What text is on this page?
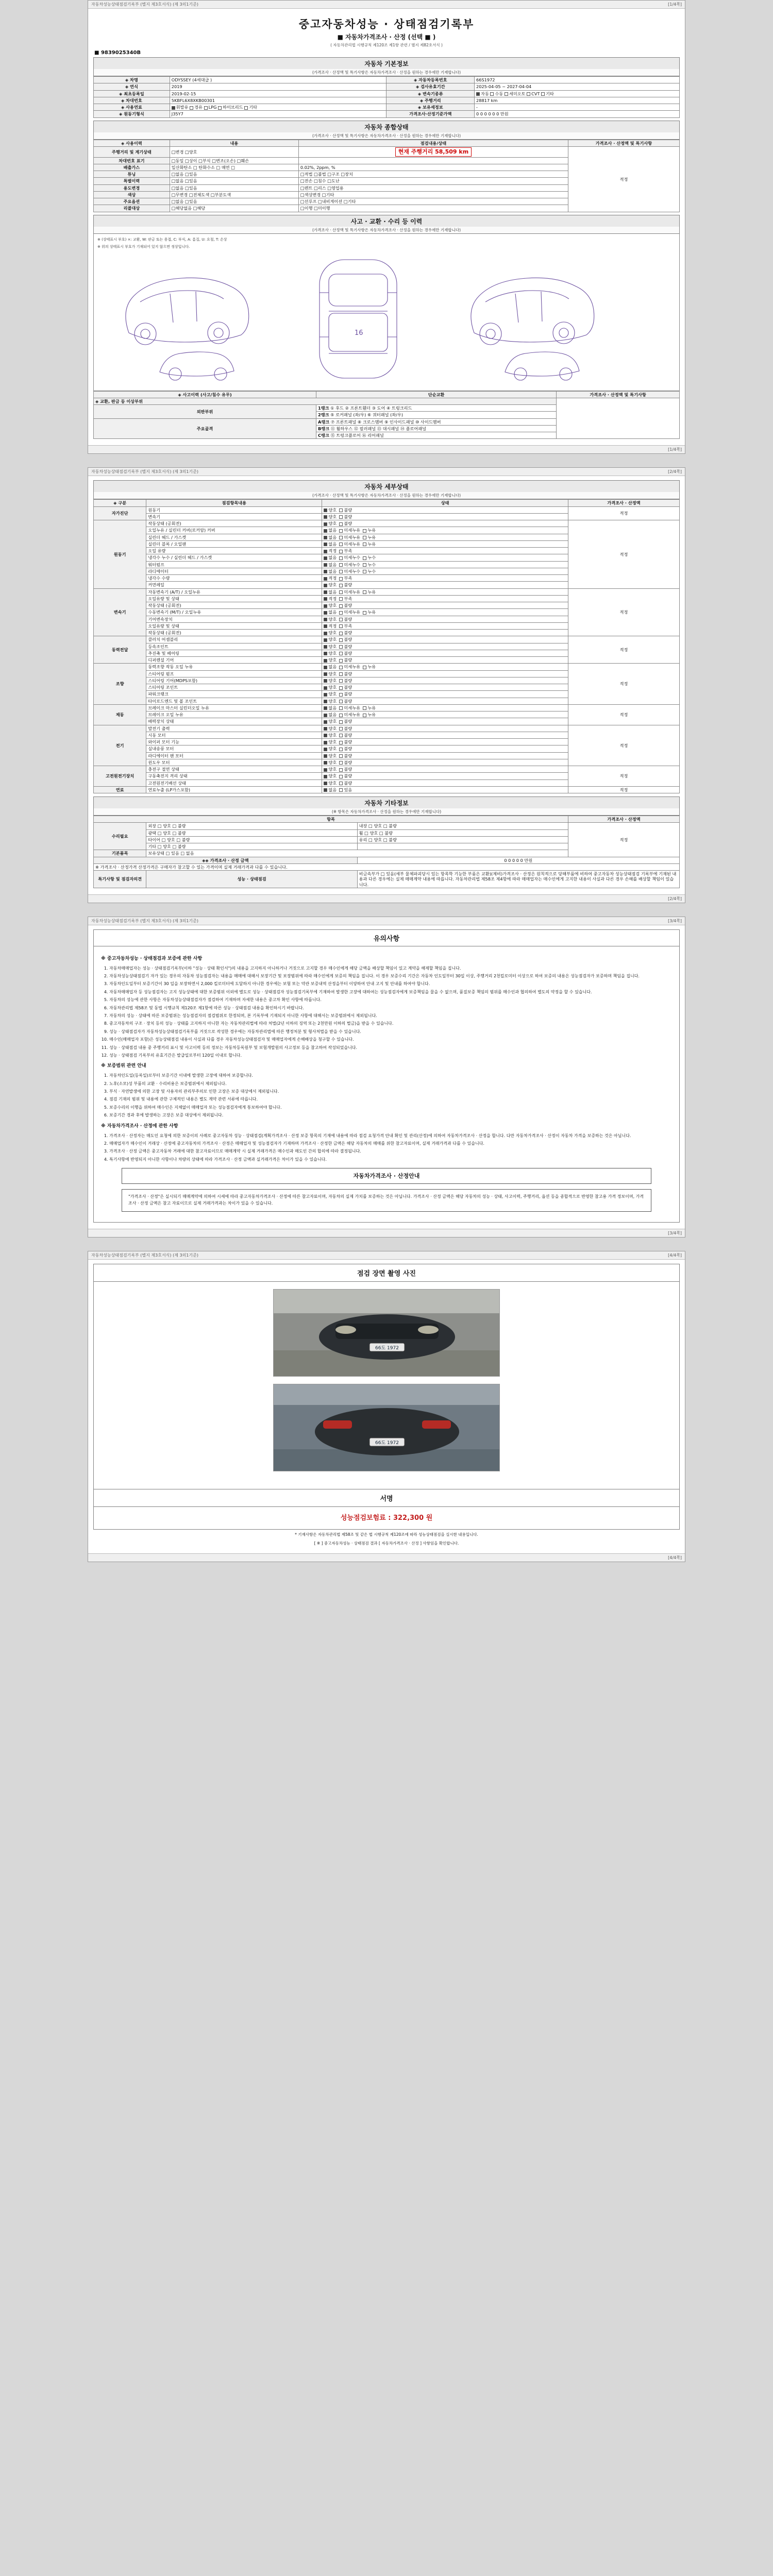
자동차성능상태점검기록부 (별지 제3호서식) (제 3의1기준)	[1/4쪽]
중고자동차성능 · 상태점검기록부
■ 자동차가격조사 · 산정 (선택 ■ )
( 자동차관리법 시행규칙 제120조 제1항 관련 / 별지 제82호서식 )
■ 9839025340B
자동차 기본정보
(가격조사 · 산정액 및 특기사항은 자동차가격조사 · 산정을 원하는 경우에만 기재합니다)
◈ 차명	ODYSSEY (4세대급 )	◈ 자동차등록번호	66S1972
◈ 연식	2019	◈ 검사유효기간	2025-04-05 ~ 2027-04-04
◈ 최초등록일	2019-02-15	◈ 변속기종류	자동 수동 세미오토 CVT 기타
◈ 차대번호	5KBFL6X8XKB00301	◈ 주행거리	28817 km
◈ 사용연료	휘발유 경유 LPG 하이브리드 기타	◈ 보유세정보	-
◈ 원동기형식	J35Y7	가격조사·산정기준가액	0 0 0 0 0 0 만원
자동차 종합상태
(가격조사 · 산정액 및 특기사항은 자동차가격조사 · 산정을 원하는 경우에만 기재합니다)
◈ 사용이력	내용	점검내용/상태	가격조사 · 산정액 및 특기사항
주행거리 및 계기상태	□변경 □양호	현재 주행거리 58,509 km	적정
차대번호 표기	□동일 □상이 □부식 □변조(오손) □훼손		
배출가스	일산화탄소 □ 탄화수소 □ 매연 □	0.02%, 2ppm, %	
튜닝	□없음 □있음	□적법 □불법 □구조 □장치	
특별이력	□없음 □있음	□전손 □침수 □도난	
용도변경	□없음 □있음	□렌트 □리스 □영업용	
색상	□무변경 □전체도색 □부분도색	□색상변경 □기타	
주요옵션	□없음 □있음	□선루프 □내비게이션 □기타	
리콜대상	□해당없음 □해당	□이행 □미이행	
사고 · 교환 · 수리 등 이력
(가격조사 · 산정액 및 특기사항은 자동차가격조사 · 산정을 원하는 경우에만 기재합니다)
※ (상태표시 부호) ×: 교환, W: 판금 또는 용접, C: 부식, A: 흠집, U: 요철, T: 손상
※ 위의 상태표시 부호가 기재되어 있지 않으면 정상입니다.
16
◈ 사고이력 (사고/침수 유무)	단순교환	가격조사 · 산정액 및 특기사항
◈ 교환, 판금 등 이상부위		
외판부위	1랭크 ① 후드 ② 프론트휀더 ③ 도어 ④ 트렁크리드	
	2랭크 ⑤ 로커패널 (좌/우) ⑥ 쿼터패널 (좌/우)	
주요골격	A랭크 ⑦ 프론트패널 ⑧ 크로스멤버 ⑨ 인사이드패널 ⑩ 사이드멤버	
	B랭크 ⑪ 휠하우스 ⑫ 필러패널 ⑬ 대시패널 ⑭ 플로어패널	
	C랭크 ⑮ 트렁크플로어 ⑯ 리어패널	
[1/4쪽]
자동차성능상태점검기록부 (별지 제3호서식) (제 3의1기준)	[2/4쪽]
자동차 세부상태
(가격조사 · 산정액 및 특기사항은 자동차가격조사 · 산정을 원하는 경우에만 기재합니다)
◈ 구분	점검항목내용	상태	가격조사 · 산정액
자가진단	원동기	양호  불량	적정
	변속기	양호  불량	
원동기	작동상태 (공회전)	양호  불량	적정
	오일누유 / 실린더 커버(로커암) 커버	없음  미세누유  누유	
	실린더 헤드 / 가스켓	없음  미세누유  누유	
	실린더 블록 / 오일팬	없음  미세누유  누유	
	오일 유량	적정  부족	
	냉각수 누수 / 실린더 헤드 / 가스켓	없음  미세누수  누수	
	워터펌프	없음  미세누수  누수	
	라디에이터	없음  미세누수  누수	
	냉각수 수량	적정  부족	
	커먼레일	양호  불량	
변속기	자동변속기 (A/T) / 오일누유	없음  미세누유  누유	적정
	오일유량 및 상태	적정  부족	
	작동상태 (공회전)	양호  불량	
	수동변속기 (M/T) / 오일누유	없음  미세누유  누유	
	기어변속장치	양호  불량	
	오일유량 및 상태	적정  부족	
	작동상태 (공회전)	양호  불량	
동력전달	클러치 어셈블리	양호  불량	적정
	등속조인트	양호  불량	
	추진축 및 베어링	양호  불량	
	디퍼렌셜 기어	양호  불량	
조향	동력조향 작동 오일 누유	없음  미세누유  누유	적정
	스티어링 펌프	양호  불량	
	스티어링 기어(MDPS포함)	양호  불량	
	스티어링 조인트	양호  불량	
	파워크랭크	양호  불량	
	타이로드엔드 및 볼 조인트	양호  불량	
제동	브레이크 마스터 실린더오일 누유	없음  미세누유  누유	적정
	브레이크 오일 누유	없음  미세누유  누유	
	배력장치 상태	양호  불량	
전기	발전기 출력	양호  불량	적정
	시동 모터	양호  불량	
	와이퍼 모터 기능	양호  불량	
	실내송풍 모터	양호  불량	
	라디에이터 팬 모터	양호  불량	
	윈도우 모터	양호  불량	
고전원전기장치	충전구 절연 상태	양호  불량	적정
	구동축전지 격리 상태	양호  불량	
	고전원전기배선 상태	양호  불량	
연료	연료누출 (LP가스포함)	없음  있음	적정
자동차 기타정보
(※ 항목은 자동차가격조사 · 산정을 원하는 경우에만 기재합니다)
항목			가격조사 · 산정액
수리필요	외장 □ 양호 □ 불량	내장 □ 양호 □ 불량	적정
	광택 □ 양호 □ 불량	휠 □ 양호 □ 불량	
	타이어 □ 양호 □ 불량	유리 □ 양호 □ 불량	
	기타 □ 양호 □ 불량		
기본품목	보유상태 □ 있음 □ 없음		
◈◈ 가격조사 · 산정 금액		0 0 0 0 0 만원	
※ 가격조사 · 산정가격 산정가격은 구매자가 참고할 수 있는 가격이며 실제 거래가격과 다를 수 있습니다.			
특기사항 및 점검자의견	성능 · 상태점검	비금속부가 □ 있음(세부 물체파괴당시 있는 항목학 기능한 부품은 교환)(제비)가격조사 · 산정은 원칙적으로 당해부품에 비하여 중고자동차 성능상태점검 기록부에 기재된 내용과 다른 경우에는 실제 매매계약 내용에 따릅니다. 자동차관리법 제58조 제4항에 따라 매매업자는 매수인에게 고지한 내용이 사실과 다른 경우 손해를 배상할 책임이 있습니다.	
[2/4쪽]
자동차성능상태점검기록부 (별지 제3호서식) (제 3의1기준)	[3/4쪽]
유의사항
※ 중고자동차성능 · 상태점검과 보증에 관한 사항
1. 자동차매매업자는 성능 · 상태점검기록부(이하 "성능 · 상태 확인서")의 내용을 고지하지 아니하거나 거짓으로 고지할 경우 매수인에게 해당 금액을 배상할 책임이 있고 계약을 해제할 책임을 집니다.
2. 자동차성능상태점검기 자가 있는 경우의 자동차 성능점검자는 내용을 매매에 대해서 보장기간 및 보장범위에 따라 매수인에게 보증의 책임을 집니다. 이 경우 보증수리 기간은 자동차 인도일부터 30일 이상, 주행거리 2천킬로미터 이상으로 하여 보증의 내용은 성능점검자가 보증하며 책임을 집니다.
3. 자동차인도일부터 보증기간이 30 일을 보장하면서 2,000 킬로미터에 도달하지 아니한 경우에는 보험 또는 약관 보증내역 산정을부터 이양하여 안내 고지 및 안내를 하여야 합니다.
4. 자동차매매업자 등 성능점검자는 고지 성능상태에 대한 보증범위 이외에 별도로 성능 · 상태점검자 성능점검기록부에 기재하여 발생한 고장에 대하여는 성능점검자에게 보증책임을 물을 수 없으며, 품질보증 책임의 범위를 매수인과 협의하여 별도의 약정을 할 수 있습니다.
5. 자동차의 성능에 관한 사항은 자동차성능상태점검자가 점검하여 기재하며 자세한 내용은 중고차 확인 사항에 따릅니다.
6. 자동차관리법 제58조 및 동법 시행규칙 제120조 제1항에 따른 성능 · 상태점검 내용을 확인하시기 바랍니다.
7. 자동차의 성능 · 상태에 따른 보증범위는 성능점검자의 점검범위로 한정되며, 본 기록부에 기재되지 아니한 사항에 대해서는 보증범위에서 제외됩니다.
8. 중고자동차의 구조 · 장치 등의 성능 · 상태를 고지하지 아니한 자는 자동차관리법에 따라 처벌(2년 이하의 징역 또는 2천만원 이하의 벌금)을 받을 수 있습니다.
9. 성능 · 상태점검자가 자동차성능상태점검기록부를 거짓으로 작성한 경우에는 자동차관리법에 따른 행정처분 및 형사처벌을 받을 수 있습니다.
10. 매수인(매매업자 포함)은 성능상태점검 내용이 사실과 다를 경우 자동차성능상태점검자 및 매매업자에게 손해배상을 청구할 수 있습니다.
11. 성능 · 상태점검 내용 중 주행거리 표시 및 사고이력 등의 정보는 자동차등록원부 및 보험개발원의 사고정보 등을 참고하여 작성되었습니다.
12. 성능 · 상태점검 기록부의 유효기간은 발급일로부터 120일 이내로 합니다.
※ 보증범위 관련 안내
1. 자동차인도일(등록일)로부터 보증기간 이내에 발생한 고장에 대하여 보증합니다.
2. 노후(소모)성 부품의 교환 · 수리비용은 보증범위에서 제외됩니다.
3. 부식 · 자연발생에 의한 고장 및 사용자의 관리부주의로 인한 고장은 보증 대상에서 제외됩니다.
4. 점검 기재의 범위 및 내용에 관한 구체적인 내용은 별도 계약 관련 서류에 따릅니다.
5. 보증수리의 이행을 위하여 매수인은 지체없이 매매업자 또는 성능점검자에게 통보하여야 합니다.
6. 보증기간 경과 후에 발생하는 고장은 보증 대상에서 제외됩니다.
※ 자동차가격조사 · 산정에 관한 사항
1. 가격조사 · 산정자는 매도인 요청에 의한 보증이의 사례로 중고자동차 성능 · 상태점검(계획가격조사 · 산정 보증 항목의 기재에 내용에 따라 점검 요청가격 안내 확인 및 관리(산정)에 의하여 자동차가격조사 · 산정을 합니다. 다만 자동차가격조사 · 산정이 자동차 가격을 보증하는 것은 아닙니다.
2. 매매업자가 매수인이 거래상 · 산정에 중고자동차의 가격조사 · 산정은 매매업자 및 성능점검자가 기재하며 가격조사 · 산정한 금액은 해당 자동차의 매매를 위한 참고자료이며, 실제 거래가격과 다를 수 있습니다.
3. 가격조사 · 산정 금액은 중고자동차 거래에 대한 참고자료이므로 매매계약 시 실제 거래가격은 매수인과 매도인 간의 합의에 따라 결정됩니다.
4. 특기사항에 반영되지 아니한 사항이나 차량의 상태에 따라 가격조사 · 산정 금액과 실거래가격은 차이가 있을 수 있습니다.
자동차가격조사 · 산정안내
"가격조사 · 산정"은 실시되기 매매계약에 의하여 시세에 따라 중고자동차가격조사 · 산정에 따른 참고자료이며, 자동차의 실제 가치를 보증하는 것은 아닙니다. 가격조사 · 산정 금액은 해당 자동차의 성능 · 상태, 사고이력, 주행거리, 옵션 등을 종합적으로 반영한 참고용 가격 정보이며, 가격조사 · 산정 금액은 참고 자료이므로 실제 거래가격과는 차이가 있을 수 있습니다.
[3/4쪽]
자동차성능상태점검기록부 (별지 제3호서식) (제 3의1기준)	[4/4쪽]
점검 장면 촬영 사진
66도 1972
66도 1972
서명
성능점검보험료 : 322,300 원
* 기재사항은 자동차관리법 제58조 및 같은 법 시행규칙 제120조에 따라 성능상태점검을 실시한 내용입니다.
[ ※ ] 중고자동차성능 · 상태점검 결과 [ 자동차가격조사 · 산정 ] 사항임을 확인합니다.
[4/4쪽]
